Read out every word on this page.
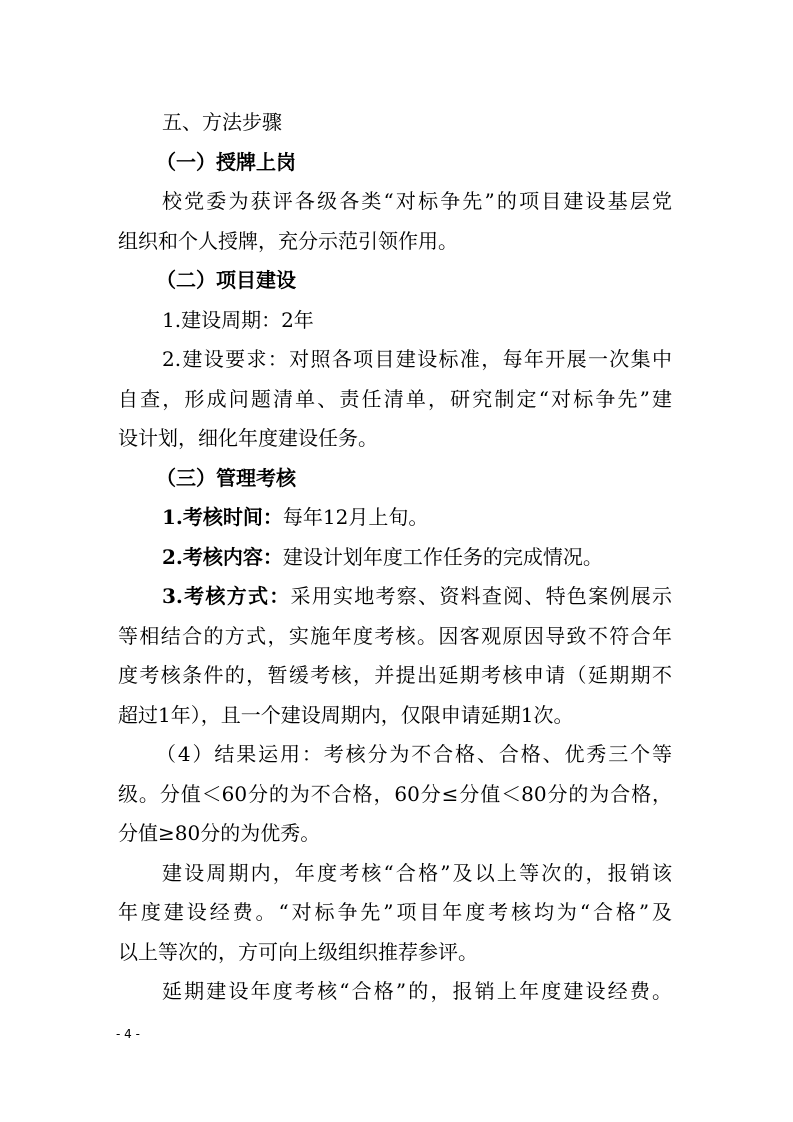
五、方法步骤
（一）授牌上岗
校党委为获评各级各类“对标争先”的项目建设基层党
组织和个人授牌，充分示范引领作用。
（二）项目建设
1.建设周期：2年
2.建设要求：对照各项目建设标准，每年开展一次集中
自查，形成问题清单、责任清单，研究制定“对标争先”建
设计划，细化年度建设任务。
（三）管理考核
1.考核时间：每年12月上旬。
2.考核内容：建设计划年度工作任务的完成情况。
3.考核方式：采用实地考察、资料查阅、特色案例展示
等相结合的方式，实施年度考核。因客观原因导致不符合年
度考核条件的，暂缓考核，并提出延期考核申请（延期期不
超过1年），且一个建设周期内，仅限申请延期1次。
（4）结果运用：考核分为不合格、合格、优秀三个等
级。分值＜60分的为不合格，60分≤分值＜80分的为合格，
分值≥80分的为优秀。
建设周期内，年度考核“合格”及以上等次的，报销该
年度建设经费。“对标争先”项目年度考核均为“合格”及
以上等次的，方可向上级组织推荐参评。
延期建设年度考核“合格”的，报销上年度建设经费。
- 4 -
